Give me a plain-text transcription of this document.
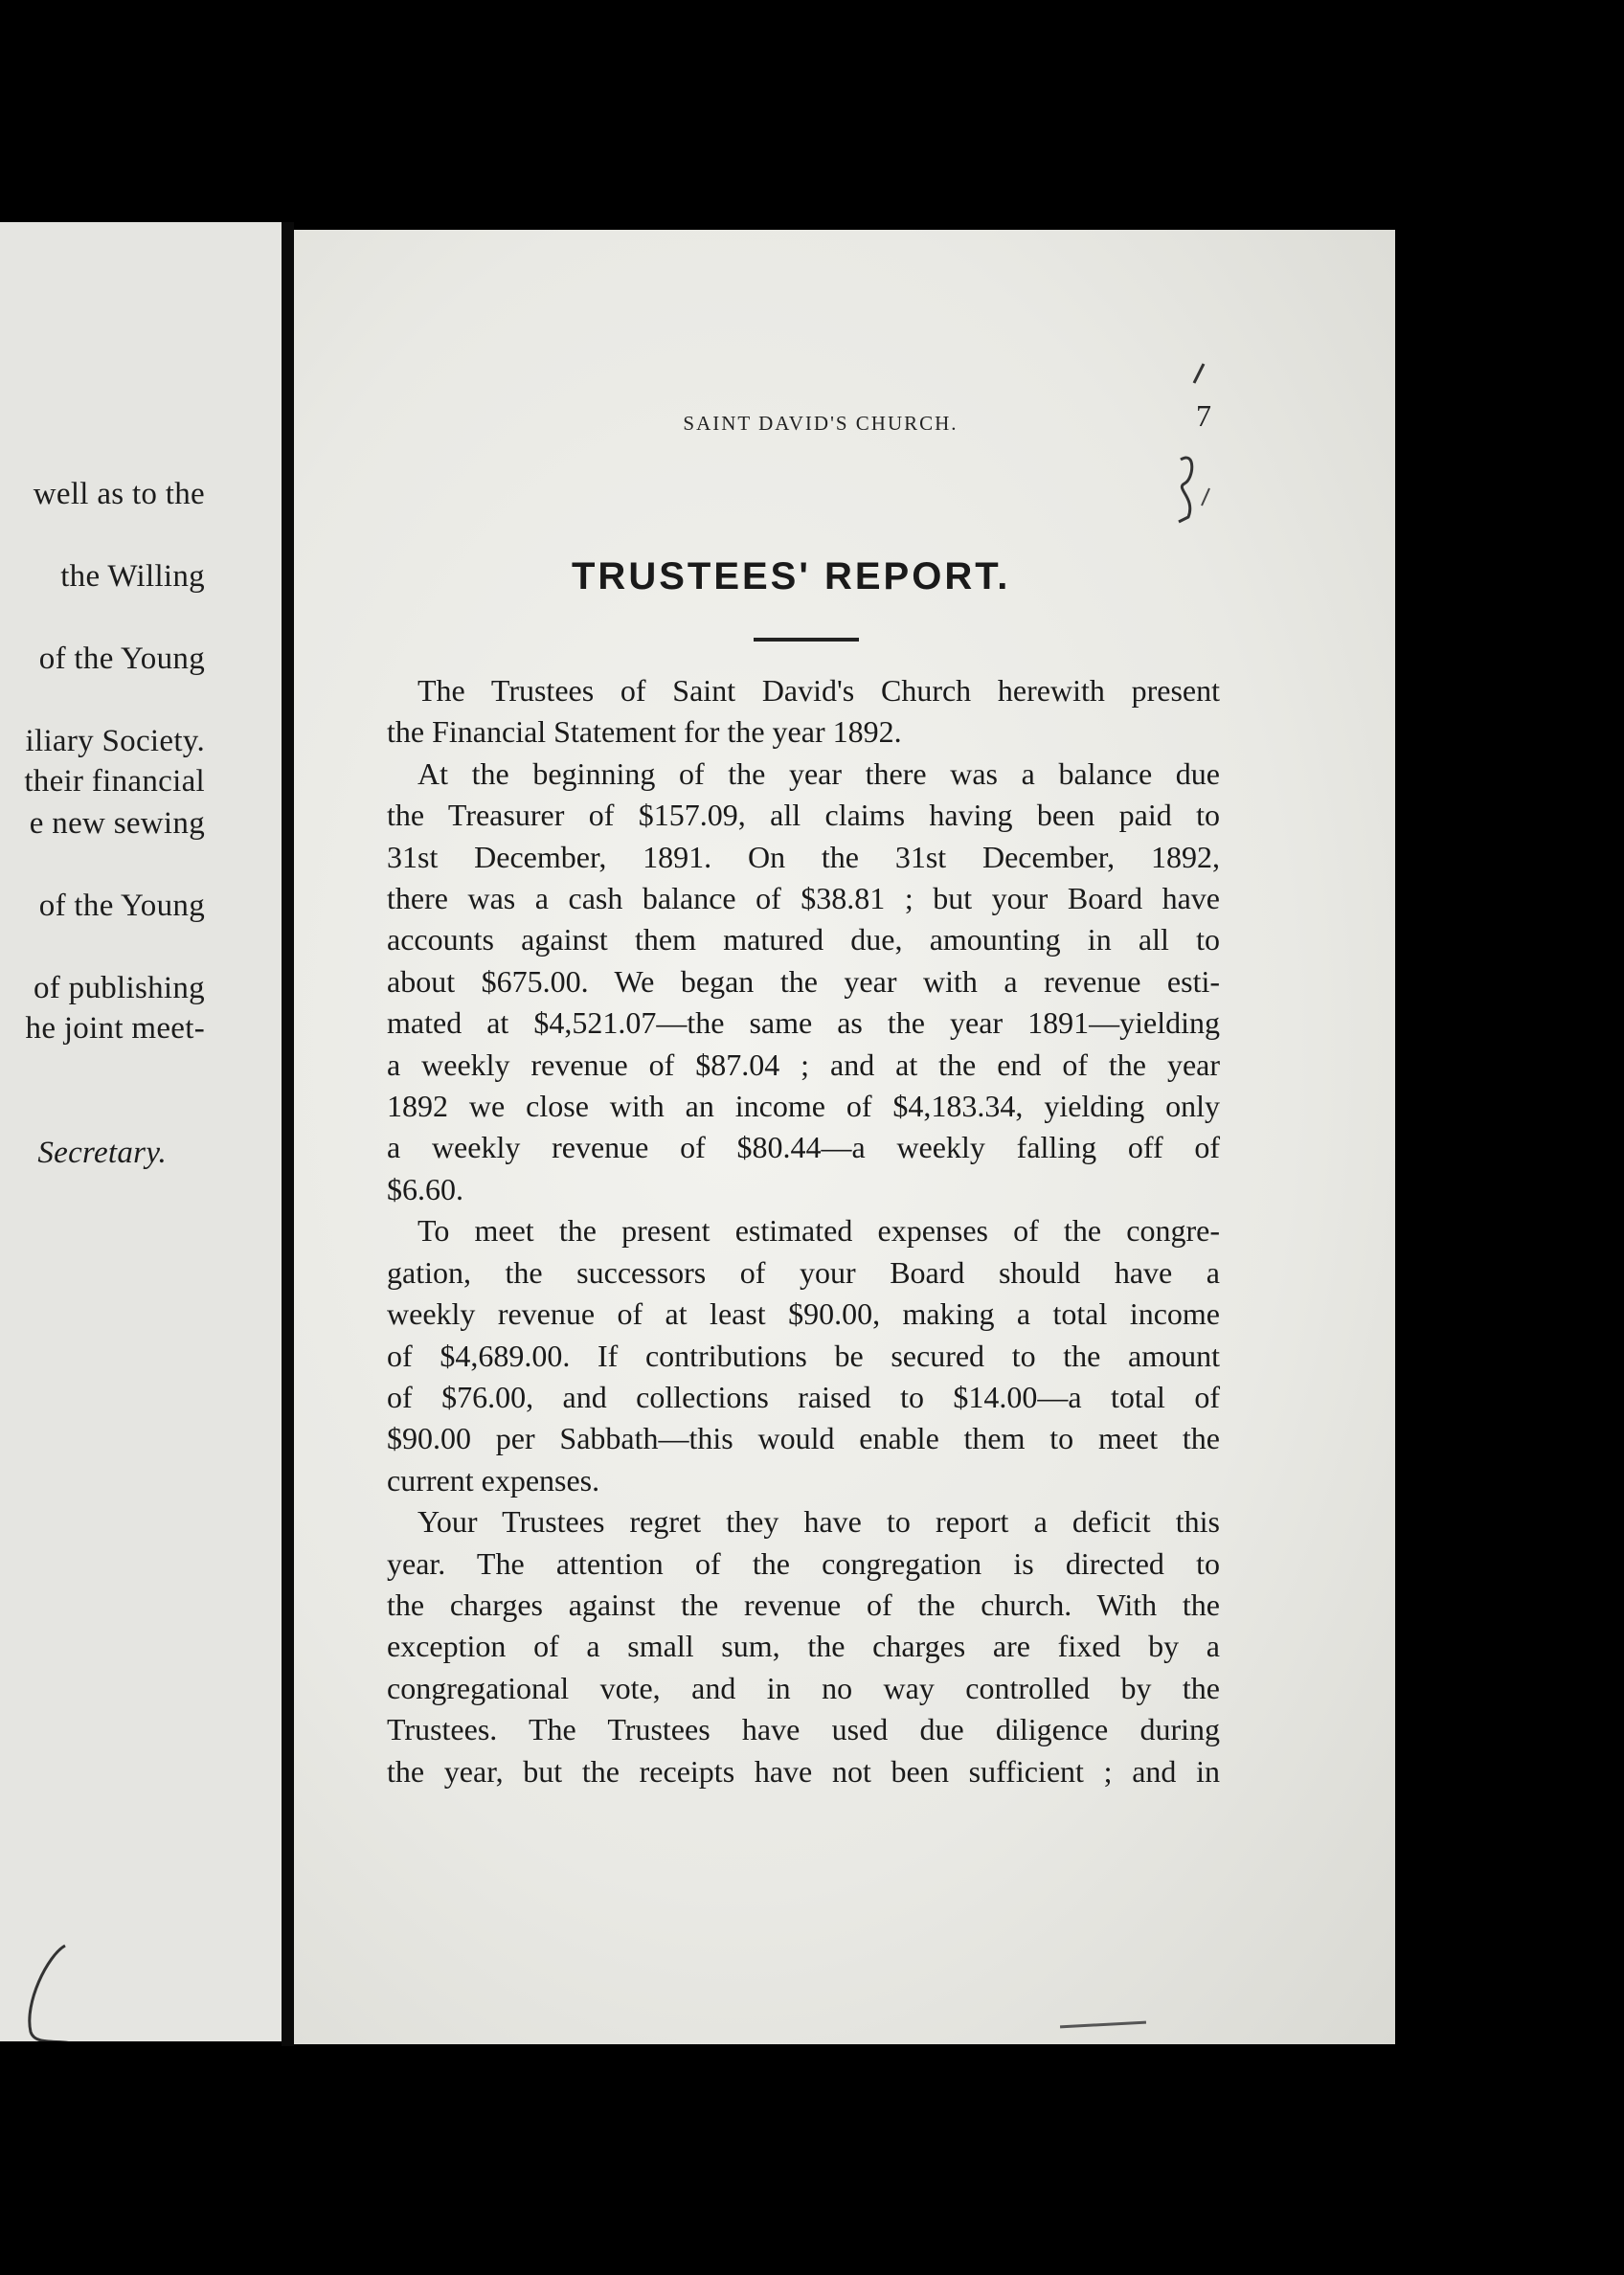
well as to the
the Willing
of the Young
iliary Society.
their financial
e new sewing
of the Young
of publishing
he joint meet-
Secretary.
SAINT DAVID'S CHURCH.	7
TRUSTEES' REPORT.
The Trustees of Saint David's Church herewith present
the Financial Statement for the year 1892.
At the beginning of the year there was a balance due
the Treasurer of $157.09, all claims having been paid to
31st December, 1891. On the 31st December, 1892,
there was a cash balance of $38.81 ; but your Board have
accounts against them matured due, amounting in all to
about $675.00. We began the year with a revenue esti-
mated at $4,521.07—the same as the year 1891—yielding
a weekly revenue of $87.04 ; and at the end of the year
1892 we close with an income of $4,183.34, yielding only
a weekly revenue of $80.44—a weekly falling off of
$6.60.
To meet the present estimated expenses of the congre-
gation, the successors of your Board should have a
weekly revenue of at least $90.00, making a total income
of $4,689.00. If contributions be secured to the amount
of $76.00, and collections raised to $14.00—a total of
$90.00 per Sabbath—this would enable them to meet the
current expenses.
Your Trustees regret they have to report a deficit this
year. The attention of the congregation is directed to
the charges against the revenue of the church. With the
exception of a small sum, the charges are fixed by a
congregational vote, and in no way controlled by the
Trustees. The Trustees have used due diligence during
the year, but the receipts have not been sufficient ; and in
